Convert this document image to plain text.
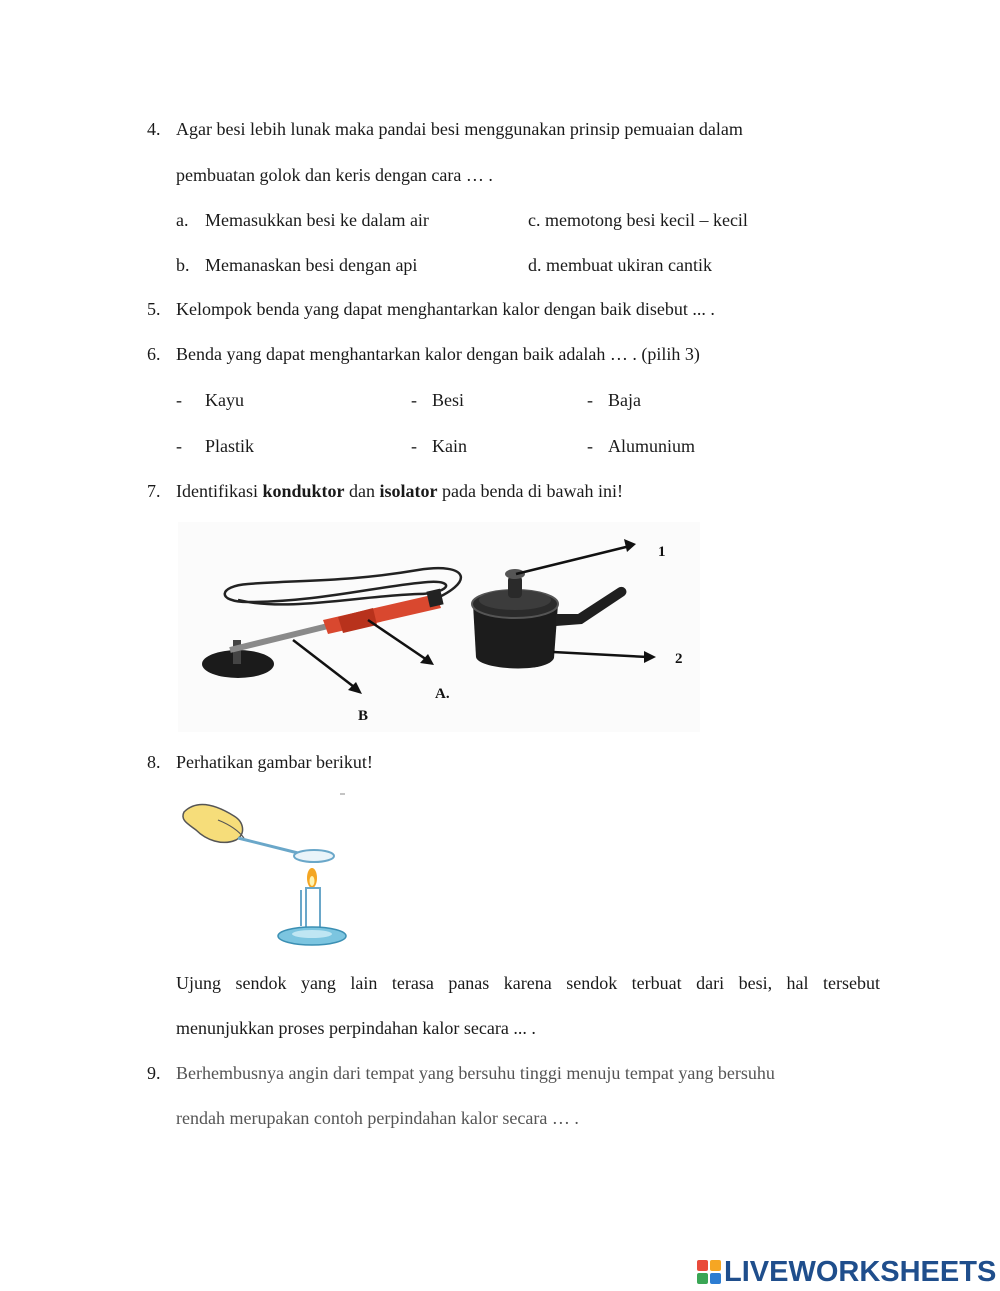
4. Agar besi lebih lunak maka pandai besi menggunakan prinsip pemuaian dalam
pembuatan golok dan keris dengan cara … .
a. Memasukkan besi ke dalam air
b. Memanaskan besi dengan api
c. memotong besi kecil – kecil
d. membuat ukiran cantik
5. Kelompok benda yang dapat menghantarkan kalor dengan baik disebut ... .
6. Benda yang dapat menghantarkan kalor dengan baik adalah … . (pilih 3)
- Kayu	- Besi	- Baja
- Plastik	- Kain	- Alumunium
7. Identifikasi konduktor dan isolator pada benda di bawah ini!
B
A.
1
2
8. Perhatikan gambar berikut!
Ujung sendok yang lain terasa panas karena sendok terbuat dari besi, hal tersebut
menunjukkan proses perpindahan kalor secara ... .
9. Berhembusnya angin dari tempat yang bersuhu tinggi menuju tempat yang bersuhu
rendah merupakan contoh perpindahan kalor secara … .
LIVEWORKSHEETS
